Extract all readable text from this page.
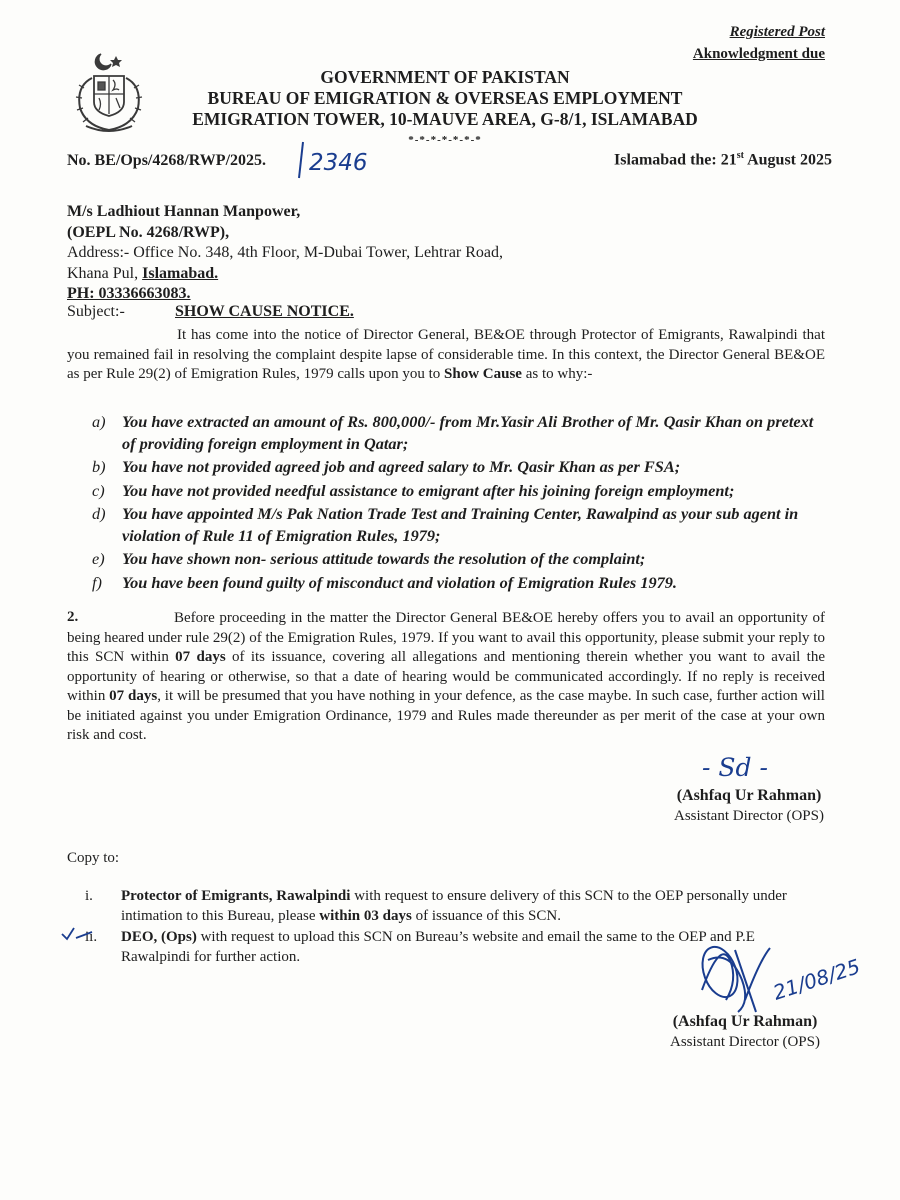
Registered Post
Aknowledgment due
GOVERNMENT OF PAKISTAN
BUREAU OF EMIGRATION & OVERSEAS EMPLOYMENT
EMIGRATION TOWER, 10-MAUVE AREA, G-8/1, ISLAMABAD
*-*-*-*-*-*-*
No. BE/Ops/4268/RWP/2025. 2346	Islamabad the: 21st August 2025
M/s Ladhiout Hannan Manpower,
(OEPL No. 4268/RWP),
Address:- Office No. 348, 4th Floor, M-Dubai Tower, Lehtrar Road,
Khana Pul, Islamabad.
PH: 03336663083.
Subject:-	SHOW CAUSE NOTICE.
It has come into the notice of Director General, BE&OE through Protector of Emigrants, Rawalpindi that you remained fail in resolving the complaint despite lapse of considerable time. In this context, the Director General BE&OE as per Rule 29(2) of Emigration Rules, 1979 calls upon you to Show Cause as to why:-
a) You have extracted an amount of Rs. 800,000/- from Mr.Yasir Ali Brother of Mr. Qasir Khan on pretext of providing foreign employment in Qatar;
b) You have not provided agreed job and agreed salary to Mr. Qasir Khan as per FSA;
c) You have not provided needful assistance to emigrant after his joining foreign employment;
d) You have appointed M/s Pak Nation Trade Test and Training Center, Rawalpind as your sub agent in violation of Rule 11 of Emigration Rules, 1979;
e) You have shown non- serious attitude towards the resolution of the complaint;
f) You have been found guilty of misconduct and violation of Emigration Rules 1979.
2.	Before proceeding in the matter the Director General BE&OE hereby offers you to avail an opportunity of being heared under rule 29(2) of the Emigration Rules, 1979. If you want to avail this opportunity, please submit your reply to this SCN within 07 days of its issuance, covering all allegations and mentioning therein whether you want to avail the opportunity of hearing or otherwise, so that a date of hearing would be communicated accordingly. If no reply is received within 07 days, it will be presumed that you have nothing in your defence, as the case maybe. In such case, further action will be initiated against you under Emigration Ordinance, 1979 and Rules made thereunder as per merit of the case at your own risk and cost.
- Sd -
(Ashfaq Ur Rahman)
Assistant Director (OPS)
Copy to:
i. Protector of Emigrants, Rawalpindi with request to ensure delivery of this SCN to the OEP personally under intimation to this Bureau, please within 03 days of issuance of this SCN.
ii. DEO, (Ops) with request to upload this SCN on Bureau’s website and email the same to the OEP and P.E Rawalpindi for further action.	21/08/25
(Ashfaq Ur Rahman)
Assistant Director (OPS)
